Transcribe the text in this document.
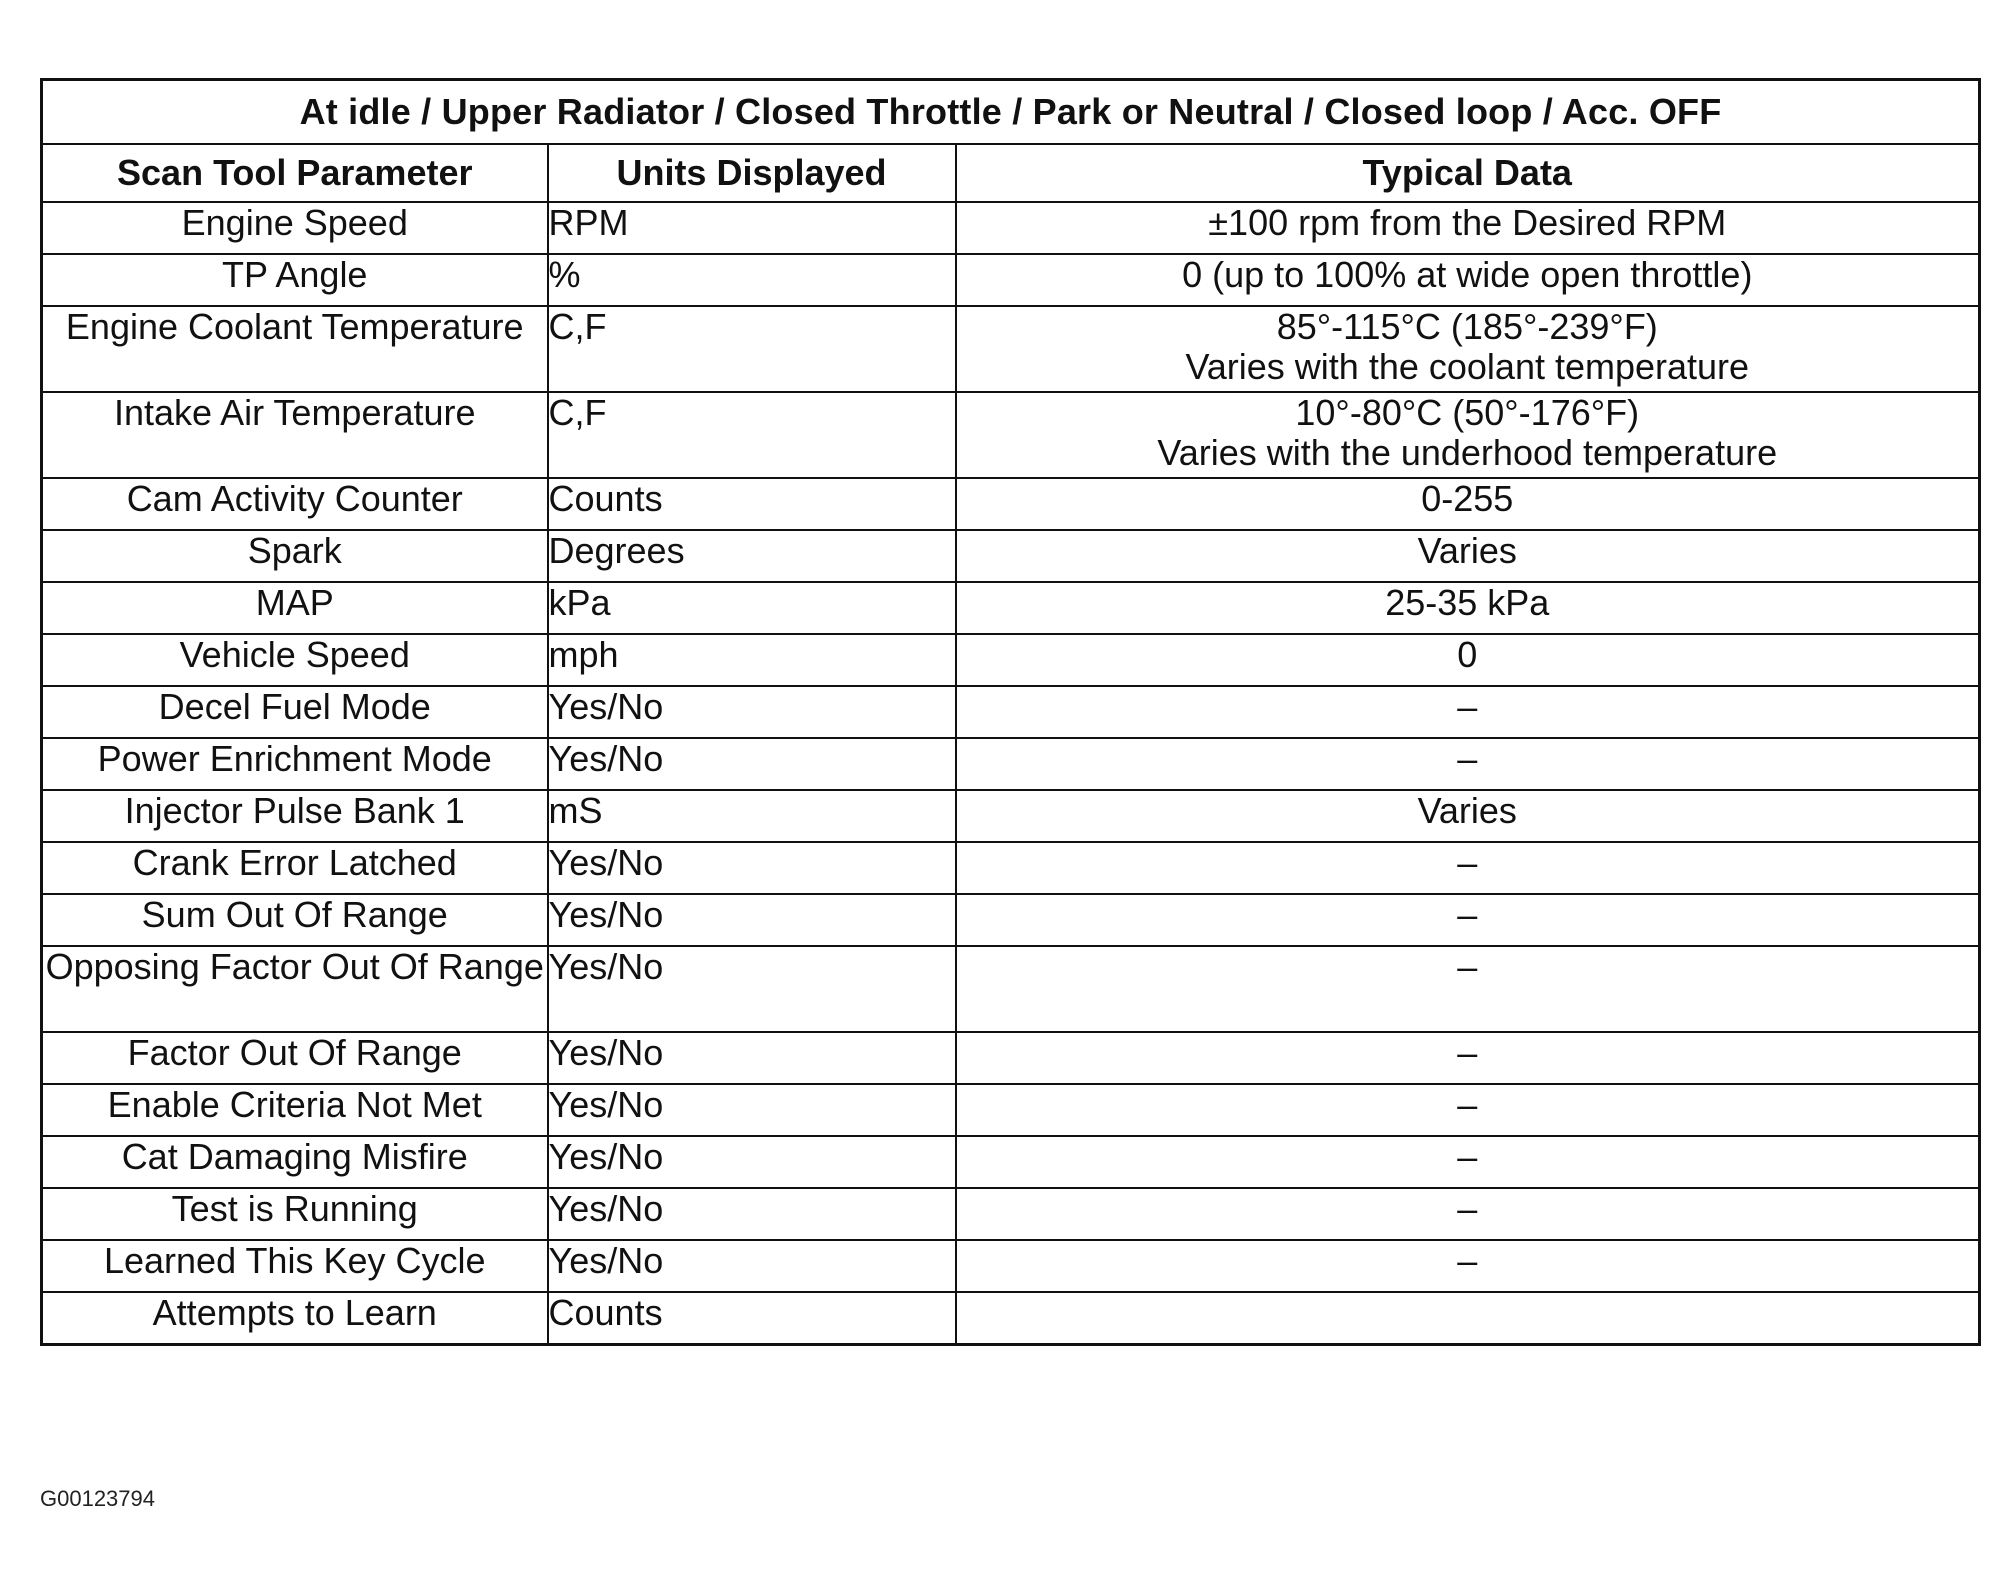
At idle / Upper Radiator / Closed Throttle / Park or Neutral / Closed loop / Acc. OFF		
Scan Tool Parameter	Units Displayed	Typical Data
Engine Speed	RPM	±100 rpm from the Desired RPM
TP Angle	%	0 (up to 100% at wide open throttle)
Engine Coolant Temperature	C,F	85°-115°C (185°-239°F)
Varies with the coolant temperature
Intake Air Temperature	C,F	10°-80°C (50°-176°F)
Varies with the underhood temperature
Cam Activity Counter	Counts	0-255
Spark	Degrees	Varies
MAP	kPa	25-35 kPa
Vehicle Speed	mph	0
Decel Fuel Mode	Yes/No	–
Power Enrichment Mode	Yes/No	–
Injector Pulse Bank 1	mS	Varies
Crank Error Latched	Yes/No	–
Sum Out Of Range	Yes/No	–
Opposing Factor Out Of Range	Yes/No	–
Factor Out Of Range	Yes/No	–
Enable Criteria Not Met	Yes/No	–
Cat Damaging Misfire	Yes/No	–
Test is Running	Yes/No	–
Learned This Key Cycle	Yes/No	–
Attempts to Learn	Counts	
G00123794
